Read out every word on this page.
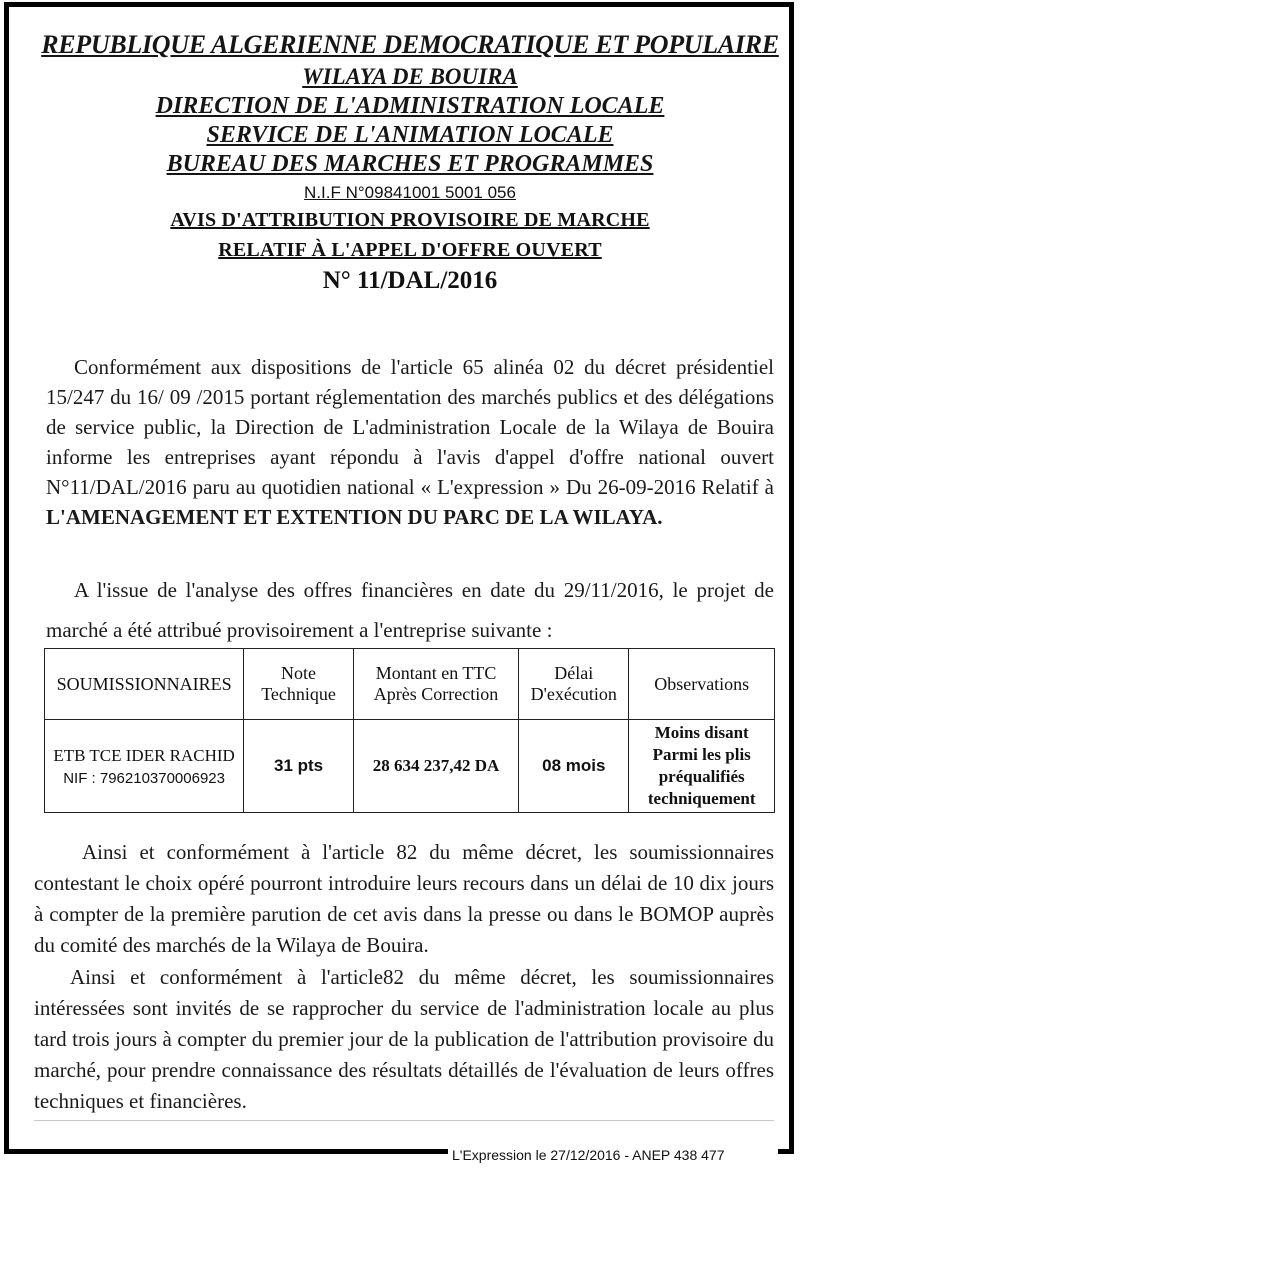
REPUBLIQUE ALGERIENNE DEMOCRATIQUE ET POPULAIRE
WILAYA DE BOUIRA
DIRECTION DE L'ADMINISTRATION LOCALE
SERVICE DE L'ANIMATION LOCALE
BUREAU DES MARCHES ET PROGRAMMES
N.I.F N°09841001 5001 056
AVIS D'ATTRIBUTION PROVISOIRE DE MARCHE
RELATIF À L'APPEL D'OFFRE OUVERT
N° 11/DAL/2016
Conformément aux dispositions de l'article 65 alinéa 02 du décret présidentiel 15/247 du 16/ 09 /2015 portant réglementation des marchés publics et des délégations de service public, la Direction de L'administration Locale de la Wilaya de Bouira informe les entreprises ayant répondu à l'avis d'appel d'offre national ouvert N°11/DAL/2016 paru au quotidien national « L'expression » Du 26-09-2016 Relatif à L'AMENAGEMENT ET EXTENTION DU PARC DE LA WILAYA.
A l'issue de l'analyse des offres financières en date du 29/11/2016, le projet de marché a été attribué provisoirement a l'entreprise suivante :
SOUMISSIONNAIRES	Note Technique	Montant en TTC Après Correction	Délai D'exécution	Observations
ETB TCE IDER RACHID
NIF : 796210370006923	31 pts	28 634 237,42 DA	08 mois	Moins disant Parmi les plis préqualifiés techniquement
Ainsi et conformément à l'article 82 du même décret, les soumissionnaires contestant le choix opéré pourront introduire leurs recours dans un délai de 10 dix jours à compter de la première parution de cet avis dans la presse ou dans le BOMOP auprès du comité des marchés de la Wilaya de Bouira.
Ainsi et conformément à l'article82 du même décret, les soumissionnaires intéressées sont invités de se rapprocher du service de l'administration locale au plus tard trois jours à compter du premier jour de la publication de l'attribution provisoire du marché, pour prendre connaissance des résultats détaillés de l'évaluation de leurs offres techniques et financières.
L'Expression le 27/12/2016 - ANEP 438 477
